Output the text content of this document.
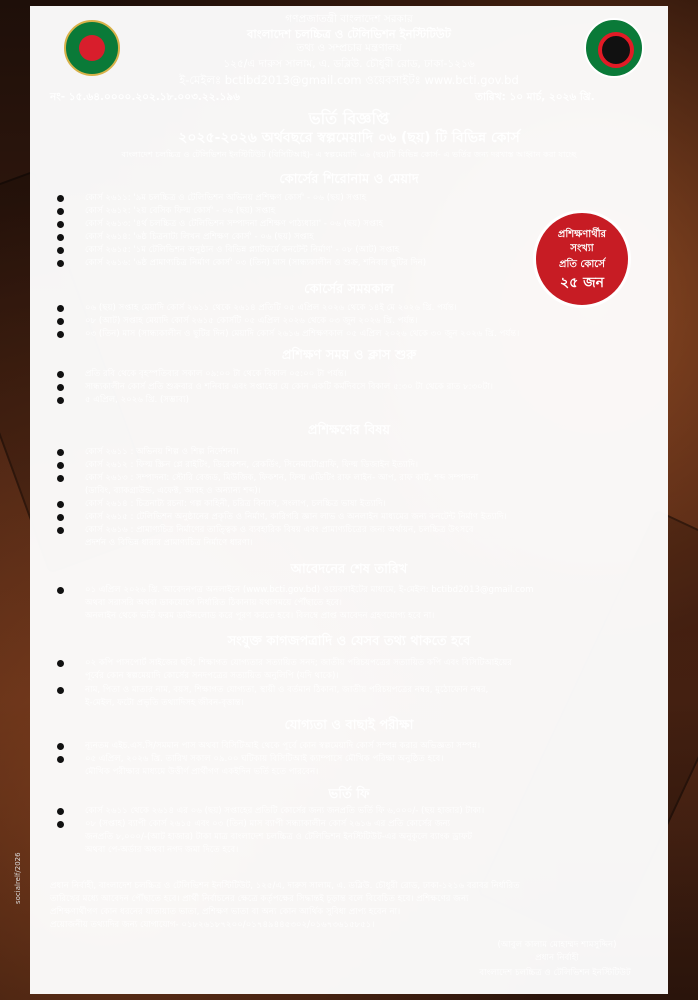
গণপ্রজাতন্ত্রী বাংলাদেশ সরকার
বাংলাদেশ চলচ্চিত্র ও টেলিভিশন ইনস্টিটিউট
তথ্য ও সম্প্রচার মন্ত্রণালয়
১২৫/এ দারুস সালাম, এ. ডব্লিউ. চৌধুরী রোড, ঢাকা-১২১৬
ই-মেইলঃ bctibd2013@gmail.com ওয়েবসাইটঃ www.bcti.gov.bd
নং- ১৫.৬৪.০০০০.২০২.১৮.০০৩.২২.১৯৬	তারিখ: ১০ মার্চ, ২০২৬ খ্রি.
ভর্তি বিজ্ঞপ্তি
২০২৫-২০২৬ অর্থবছরে স্বল্পমেয়াদি ০৬ (ছয়) টি বিভিন্ন কোর্স
বাংলাদেশ চলচ্চিত্র ও টেলিভিশন ইনস্টিটিউট (বিসিটিআই)- এ স্বল্পমেয়াদি ০৬ (ছয়)টি বিভিন্ন কোর্স- এ ভর্তির জন্য দরখাস্ত আহ্বান করা যাচ্ছে
প্রশিক্ষণার্থীর
সংখ্যা
প্রতি কোর্সে
২৫ জন
কোর্সের শিরোনাম ও মেয়াদ
কোর্স ২৬১১: '৯ম চলচ্চিত্র ও টেলিভিশন অভিনয় প্রশিক্ষণ কোর্স' - ০৬ (ছয়) সপ্তাহ
কোর্স ২৬১২: '২য় বেসিক ফিল্ম কোর্স' - ০৬ (ছয়) সপ্তাহ
কোর্স ২৬১৩: '৪র্থ চলচ্চিত্র ও টেলিভিশন সম্পাদনা প্রশিক্ষণ পাঠ্যধারা' - ০৬ (ছয়) সপ্তাহ
কোর্স ২৬১৪: '৬ষ্ঠ চিত্রনাট্য লিখন প্রশিক্ষণ কোর্স' - ০৬ (ছয়) সপ্তাহ
কোর্স ২৬১৫: '১ম টেলিভিশন অনুষ্ঠান ও বিভিন্ন প্ল্যাটফর্মে কনটেন্ট নির্মাণ' - ০৮ (আট) সপ্তাহ
কোর্স ২৬১৬: '৬ষ্ঠ প্রামাণ্যচিত্র নির্মাণ কোর্স' ০৩ (তিন) মাস (সান্ধ্যকালীন ও শুক্র, শনিবার ছুটির দিন)
কোর্সের সময়কাল
০৬ (ছয়) সপ্তাহ মেয়াদি কোর্স ২৬১১ থেকে ২৬১৪ প্রতিটি ০৫ এপ্রিল ২০২৬ থেকে ১৪ই মে ২০২৬ খ্রি. পর্যন্ত।
০৮ (আট) সপ্তাহ মেয়াদি কোর্স ২৬১৫ কোর্সটি ০৫ এপ্রিল ২০২৬ থেকে ০৩ জুন ২০২৬ খ্রি. পর্যন্ত।
০৩ (তিন) মাস (সান্ধ্যকালীন ও ছুটির দিন) মেয়াদি কোর্স ২৬১৬ প্রশিক্ষণকাল ০৫ এপ্রিল ২০২৬ থেকে ৩০ জুন ২০২৬ খ্রি. পর্যন্ত।
প্রশিক্ষণ সময় ও ক্লাস শুরু
প্রতি রবি থেকে বৃহস্পতিবার সকাল ০৯:০০ টা থেকে বিকাল ০৫:০০ টা পর্যন্ত।
সান্ধ্যকালীন কোর্স প্রতি শুক্রবার ও শনিবার এবং সপ্তাহের যে কোন একটি কর্মদিবসে বিকাল ৫:৩০ টা থেকে রাত ৮:৩০টা।
৫ এপ্রিল, ২০২৬ খ্রি. (সম্ভাব্য)
প্রশিক্ষণের বিষয়
কোর্স ২৬১১ : অভিনয় শিল্প ও শিল্প নির্দেশনা।
কোর্স ২৬১২ : ফিল্ম স্ক্রিন প্লে রাইটিং, ডিরেকশন, রেকর্ডিং, সিনেমাটোগ্রাফি, ফিল্ম ডিজাইন ইত্যাদি।
কোর্স ২৬১৩ : সম্পাদনা: স্টোরি বেজড, মিউজিক, ফিকশন, ফিল্ম এডিটিং রাফ লাইন- আপ, রাফ কাট, শব্দ সম্পাদনা
(ডাবিং, ব্যাকগ্রাউন্ড, এফেক্ট, আবহ ও অন্যান্য শব্দ)।
কোর্স ২৬১৪ : চিত্রনাট্য রচনা: গল্প কাহিনী, চরিত্র বিন্যাস, সংলাপ, চলচ্চিত্র ভাষা ইত্যাদি।
কোর্স ২৬১৫ : টেলিভিশন অনুষ্ঠানের প্রকৃতি ও নির্মাণ, কারিগরি জ্ঞান লাভ ও অনলাইন মাধ্যমের জন্য কনটেন্ট নির্মাণ ইত্যাদি।
কোর্স ২৬১৬ : প্রামাণ্যচিত্র নির্মাণের তাত্ত্বিক ও ব্যবহারিক বিষয় এবং প্রামাণ্যচিত্রের জন্য অর্থায়ন, চলচ্চিত্র উৎসবে
প্রদর্শন ও বিভিন্ন ধারার প্রামাণ্যচিত্র নির্মাণে ধারণা।
আবেদনের শেষ তারিখ
০১ এপ্রিল ২০২৬ খ্রি. আবেদনপত্র অনলাইনে (www.bcti.gov.bd) ওয়েবসাইটের মাধ্যমে, ই-মেইল: bctibd2013@gmail.com
অথবা সরাসরি অথবা ডাকযোগে নির্ধারিত ঠিকানায় যথাসময়ে পৌঁছাতে হবে।
অনলাইন থেকে ভর্তি ফরম ডাউনলোড করে পূরণ করতে হবে। বিলম্বে প্রাপ্ত আবেদন গ্রহণযোগ্য হবে না।
সংযুক্ত কাগজপত্রাদি ও যেসব তথ্য থাকতে হবে
০২ কপি পাসপোর্ট সাইজের ছবি; শিক্ষাগত যোগ্যতার সত্যায়িত সনদ; জাতীয় পরিচয়পত্রের সত্যায়িত কপি এবং বিসিটিআইয়ের
পূর্বের কোন স্বল্পমেয়াদি কোর্সের সনদপত্রের সত্যায়িত অনুলিপি (যদি থাকে)।
নাম, পিতা ও মাতার নাম, বয়স, শিক্ষাগত যোগ্যতা, স্থায়ী ও বর্তমান ঠিকানা, জাতীয় পরিচয়পত্রের নম্বর, মুঠোফোন নম্বর,
ই-মেইল, ফটো প্রভৃতি তথ্যাদিসহ জীবন-বৃত্তান্ত।
যোগ্যতা ও বাছাই পরীক্ষা
ন্যূনতম এইচ.এস.সি/সমমান পাস অথবা বিসিটিআই থেকে পূর্বে কোন স্বল্পমেয়াদি কোর্স সম্পন্ন করার অভিজ্ঞতা সম্পন্ন।
০৫ এপ্রিল, ২০২৬ খ্রি. তারিখ সকাল ০৯.০০ ঘটিকায় বিসিটিআই ক্যাম্পাসে মৌখিক পরিক্ষা অনুষ্ঠিত হবে।
মৌখিক পরীক্ষার মাধ্যমে উত্তীর্ণ প্রার্থীগণ একইদিন ভর্তি হতে পারবেন।
ভর্তি ফি
কোর্স ২৬১১ থেকে ২৬১৪ এর ০৬ (ছয়) সপ্তাহের প্রতিটি কোর্সের জন্য জনপ্রতি ভর্তি ফি ৬,০০০/- (ছয় হাজার) টাকা।
০৮ (সপ্তাহ) ব্যাপী কোর্স ২৬১৫ এবং ০৩ (তিন) মাস ব্যাপী সন্ধ্যাকালীন কোর্স ২৬১৬ এর প্রতি কোর্সের জন্য
জনপ্রতি ৮,০০০/-(আট হাজার) টাকা মাত্র বাংলাদেশ চলচ্চিত্র ও টেলিভিশন ইনস্টিটিউট-এর অনুকূলে ব্যাংক ড্রাফট
অথবা পে-অর্ডার অথবা নগদ জমা দিতে হবে।
প্রধান নির্বাহী, বাংলাদেশ চলচ্চিত্র ও টেলিভিশন ইনস্টিটিউট, ১২৫/এ, দারুস সালাম, এ. ডব্লিউ. চৌধুরী রোড, ঢাকা-১২১৬ বরাবর নির্ধারিত
তারিখের মধ্যে আবেদন পৌঁছাতে হবে। প্রার্থী নির্বাচনের ক্ষেত্রে কর্তৃপক্ষের সিদ্ধান্তই চূড়ান্ত বলে বিবেচিত হবে। প্রশিক্ষণের জন্য
প্রশিক্ষণার্থীগণ কোন ধরনের যাতায়াত ভাতা, প্রশিক্ষণ ভাতা বা অন্য কোন আর্থিক সুবিধা প্রাপ্য হবেন না।
প্রয়োজনীয় তথ্যাদির জন্য যোগাযোগ- ০১৮২৬১৮৭২০০/০১৭৪৯৪৪৫৩০২/০১৬৭৩৬১৫৮৫১।
(আবুল কালাম মোহাম্মদ শামসুদ্দিন)
প্রধান নির্বাহী
বাংলাদেশ চলচ্চিত্র ও টেলিভিশন ইনস্টিটিউট
socialrelf/2026
